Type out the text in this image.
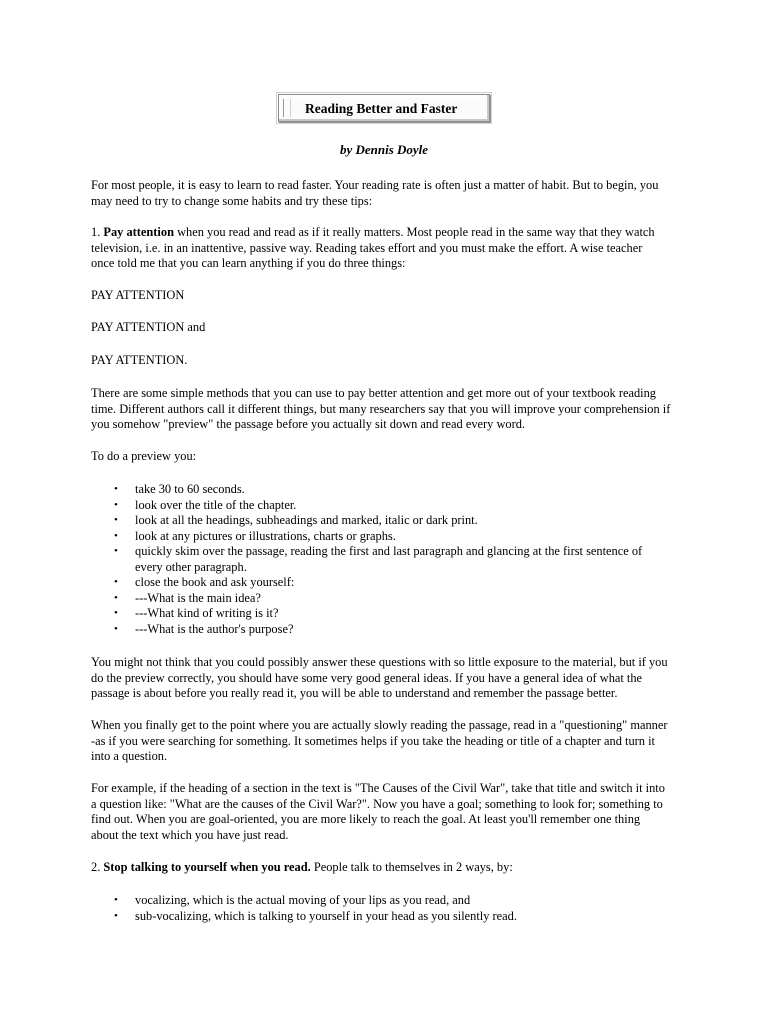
Reading Better and Faster
by Dennis Doyle
For most people, it is easy to learn to read faster. Your reading rate is often just a matter of habit. But to begin, you
may need to try to change some habits and try these tips:
1. Pay attention when you read and read as if it really matters. Most people read in the same way that they watch
television, i.e. in an inattentive, passive way. Reading takes effort and you must make the effort. A wise teacher
once told me that you can learn anything if you do three things:
PAY ATTENTION
PAY ATTENTION and
PAY ATTENTION.
There are some simple methods that you can use to pay better attention and get more out of your textbook reading
time. Different authors call it different things, but many researchers say that you will improve your comprehension if
you somehow "preview" the passage before you actually sit down and read every word.
To do a preview you:
• take 30 to 60 seconds.
• look over the title of the chapter.
• look at all the headings, subheadings and marked, italic or dark print.
• look at any pictures or illustrations, charts or graphs.
• quickly skim over the passage, reading the first and last paragraph and glancing at the first sentence of
every other paragraph.
• close the book and ask yourself:
• ---What is the main idea?
• ---What kind of writing is it?
• ---What is the author's purpose?
You might not think that you could possibly answer these questions with so little exposure to the material, but if you
do the preview correctly, you should have some very good general ideas. If you have a general idea of what the
passage is about before you really read it, you will be able to understand and remember the passage better.
When you finally get to the point where you are actually slowly reading the passage, read in a "questioning" manner
-as if you were searching for something. It sometimes helps if you take the heading or title of a chapter and turn it
into a question.
For example, if the heading of a section in the text is "The Causes of the Civil War", take that title and switch it into
a question like: "What are the causes of the Civil War?". Now you have a goal; something to look for; something to
find out. When you are goal-oriented, you are more likely to reach the goal. At least you'll remember one thing
about the text which you have just read.
2. Stop talking to yourself when you read. People talk to themselves in 2 ways, by:
• vocalizing, which is the actual moving of your lips as you read, and
• sub-vocalizing, which is talking to yourself in your head as you silently read.
